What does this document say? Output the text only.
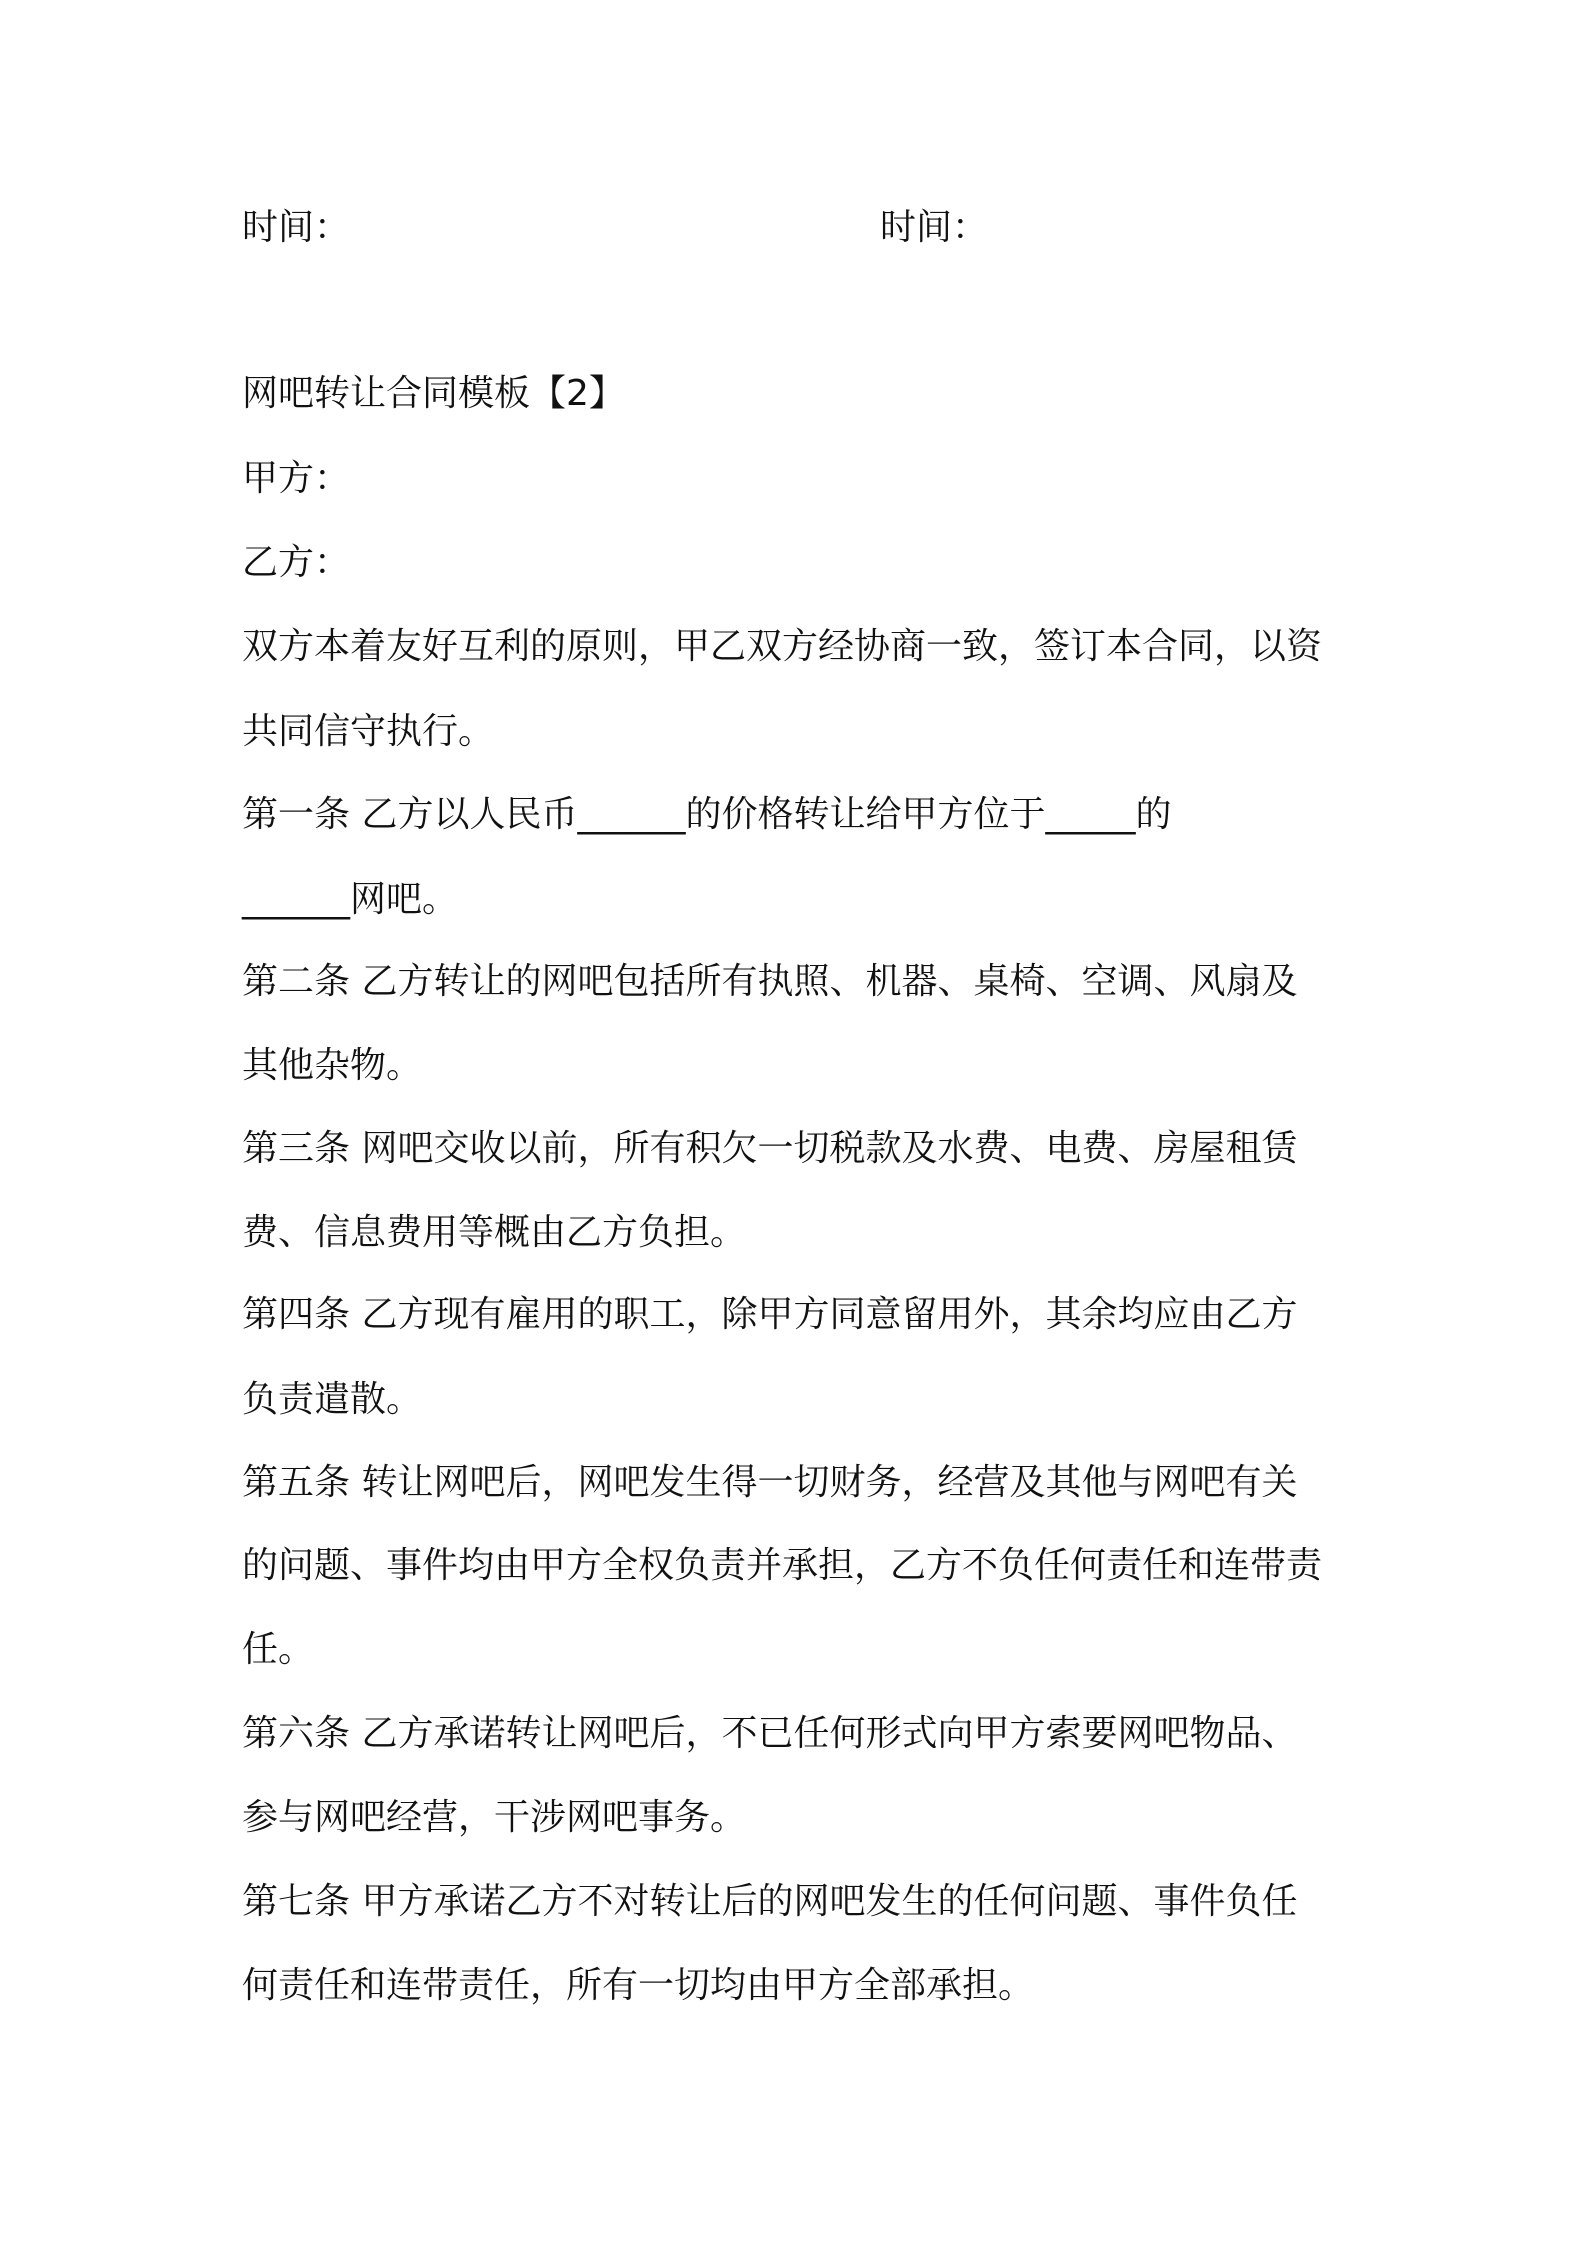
时间：	时间：
网吧转让合同模板【2】
甲方：
乙方：
双方本着友好互利的原则，甲乙双方经协商一致，签订本合同，以资
共同信守执行。
第一条 乙方以人民币______的价格转让给甲方位于_____的
______网吧。
第二条 乙方转让的网吧包括所有执照、机器、桌椅、空调、风扇及
其他杂物。
第三条 网吧交收以前，所有积欠一切税款及水费、电费、房屋租赁
费、信息费用等概由乙方负担。
第四条 乙方现有雇用的职工，除甲方同意留用外，其余均应由乙方
负责遣散。
第五条 转让网吧后，网吧发生得一切财务，经营及其他与网吧有关
的问题、事件均由甲方全权负责并承担，乙方不负任何责任和连带责
任。
第六条 乙方承诺转让网吧后，不已任何形式向甲方索要网吧物品、
参与网吧经营，干涉网吧事务。
第七条 甲方承诺乙方不对转让后的网吧发生的任何问题、事件负任
何责任和连带责任，所有一切均由甲方全部承担。
